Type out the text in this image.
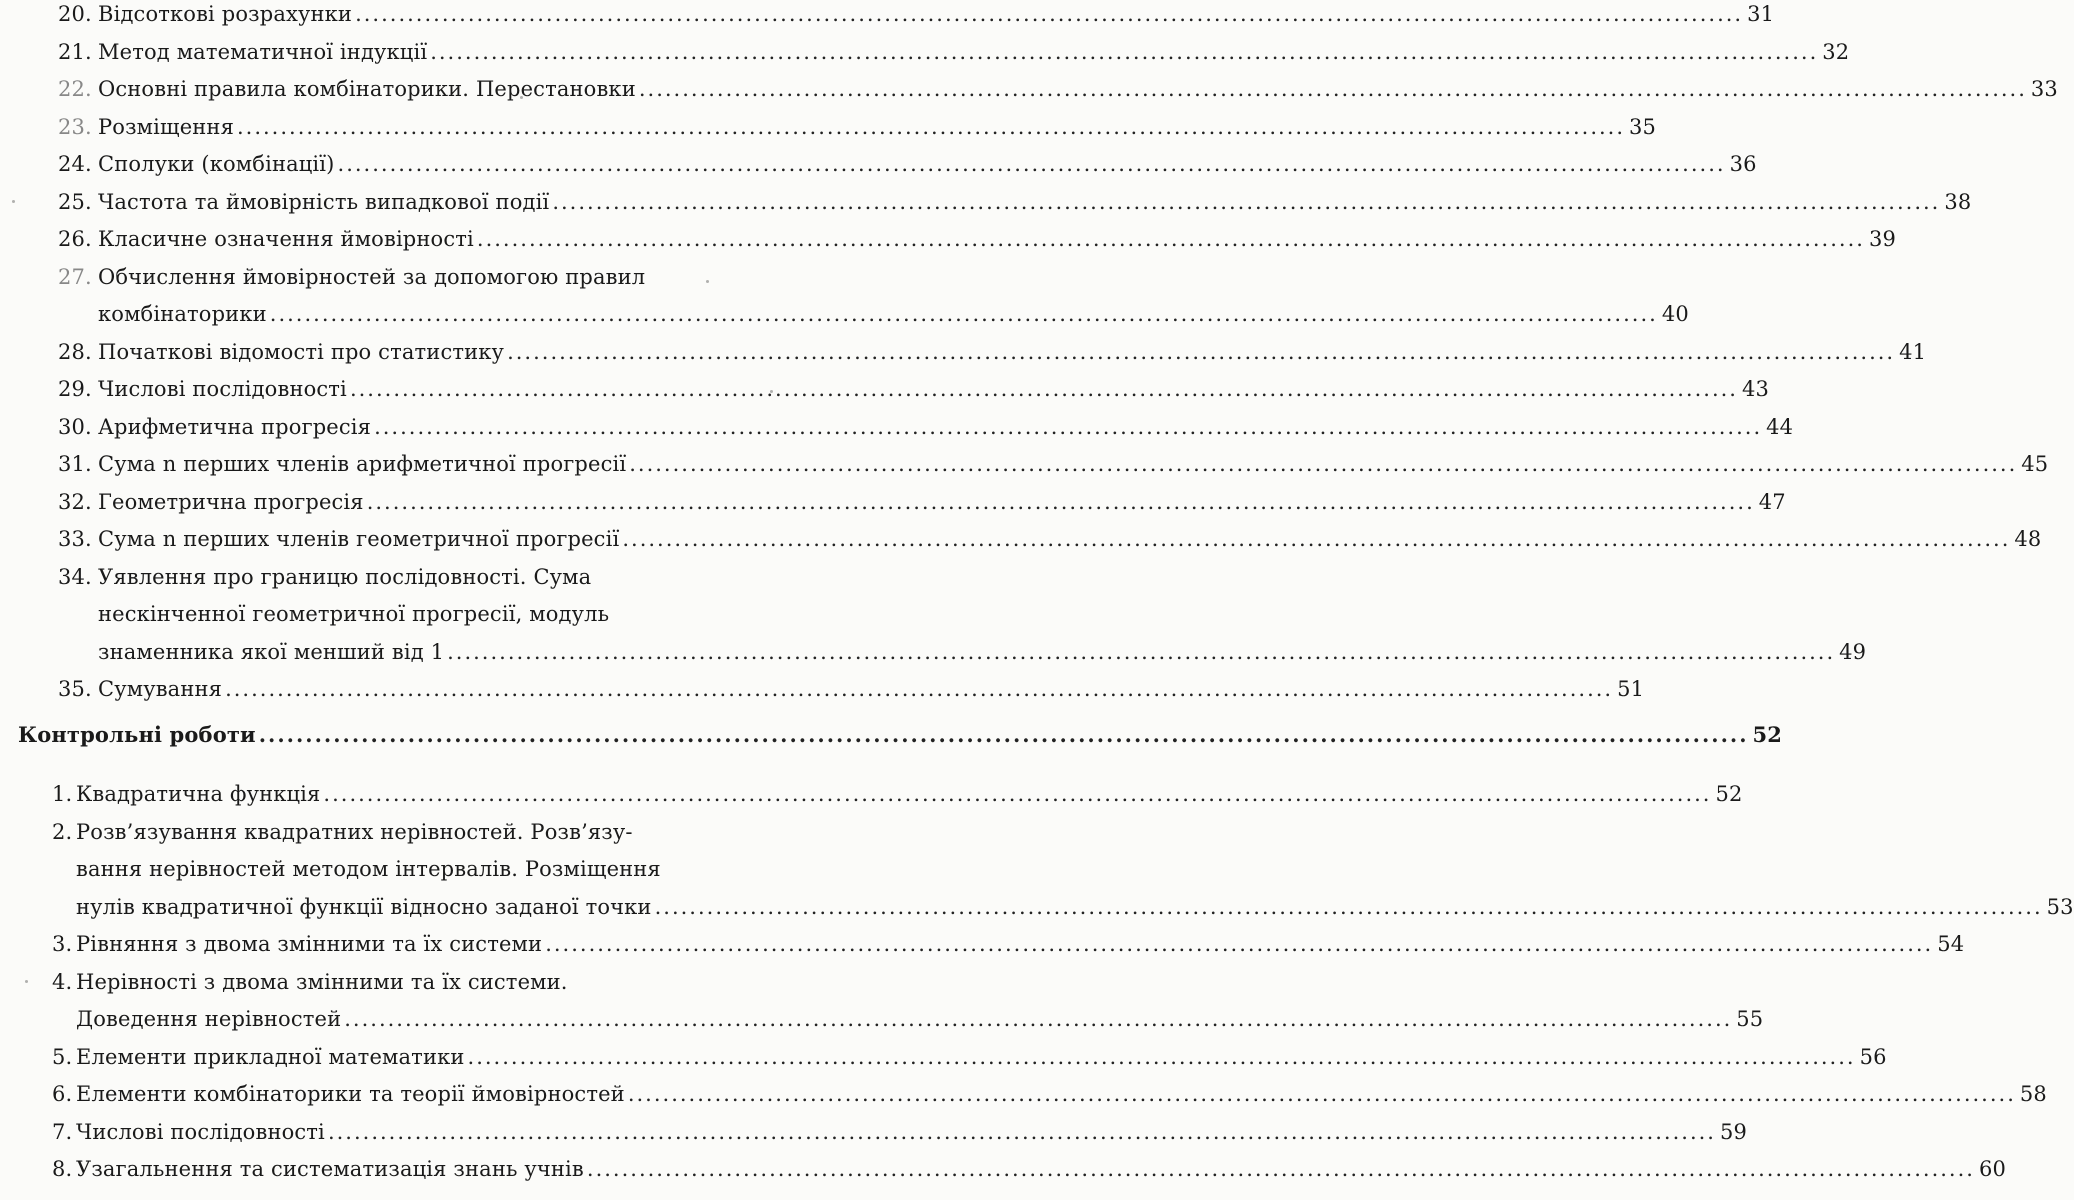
20. Відсоткові розрахунки ................................................................................................................................................................ 31
21. Метод математичної індукції ................................................................................................................................................................ 32
22. Основні правила комбінаторики. Перестановки ................................................................................................................................................................ 33
23. Розміщення ................................................................................................................................................................ 35
24. Сполуки (комбінації) ................................................................................................................................................................ 36
25. Частота та ймовірність випадкової події ................................................................................................................................................................ 38
26. Класичне означення ймовірності ................................................................................................................................................................ 39
27. Обчислення ймовірностей за допомогою правил
комбінаторики ................................................................................................................................................................ 40
28. Початкові відомості про статистику ................................................................................................................................................................ 41
29. Числові послідовності ................................................................................................................................................................ 43
30. Арифметична прогресія ................................................................................................................................................................ 44
31. Сума n перших членів арифметичної прогресії ................................................................................................................................................................ 45
32. Геометрична прогресія ................................................................................................................................................................ 47
33. Сума n перших членів геометричної прогресії ................................................................................................................................................................ 48
34. Уявлення про границю послідовності. Сума
нескінченної геометричної прогресії, модуль
знаменника якої менший від 1 ................................................................................................................................................................ 49
35. Сумування ................................................................................................................................................................ 51
Контрольні роботи ................................................................................................................................................................ 52
1. Квадратична функція ................................................................................................................................................................ 52
2. Розв’язування квадратних нерівностей. Розв’язу-
вання нерівностей методом інтервалів. Розміщення
нулів квадратичної функції відносно заданої точки ................................................................................................................................................................ 53
3. Рівняння з двома змінними та їх системи ................................................................................................................................................................ 54
4. Нерівності з двома змінними та їх системи.
Доведення нерівностей ................................................................................................................................................................ 55
5. Елементи прикладної математики ................................................................................................................................................................ 56
6. Елементи комбінаторики та теорії ймовірностей ................................................................................................................................................................ 58
7. Числові послідовності ................................................................................................................................................................ 59
8. Узагальнення та систематизація знань учнів ................................................................................................................................................................ 60
